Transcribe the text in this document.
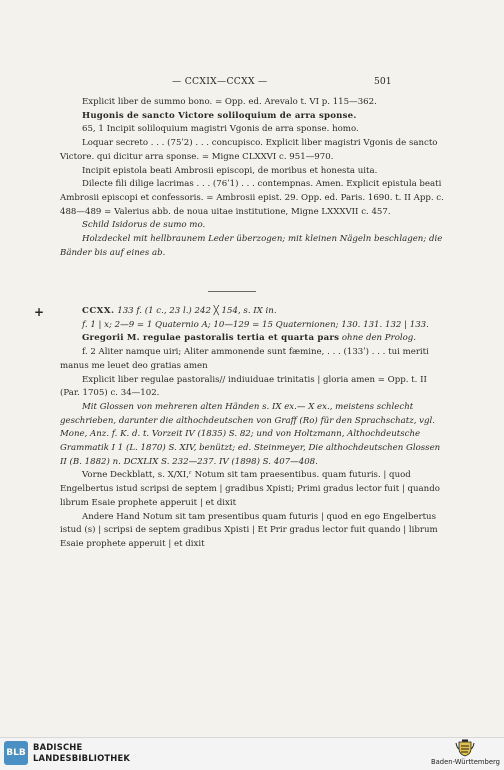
— CCXIX—CCXX —	501

Explicit liber de summo bono. = Opp. ed. Arevalo t. VI p. 115—362.

Hugonis de sancto Victore soliloquium de arra sponse.

65, 1 Incipit soliloquium magistri Vgonis de arra sponse. homo.

Loquar secreto . . . (75ʹ2) . . . concupisco. Explicit liber magistri Vgonis de sancto Victore. qui dicitur arra sponse. = Migne CLXXVI c. 951—970.

Incipit epistola beati Ambrosii episcopi, de moribus et honesta uita.

Dilecte fili dilige lacrimas . . . (76ʹ1) . . . contempnas. Amen. Explicit epistula beati Ambrosii episcopi et confessoris. = Ambrosii epist. 29. Opp. ed. Paris. 1690. t. II App. c. 488—489 = Valerius abb. de noua uitae institutione, Migne LXXXVII c. 457.

Schild Isidorus de sumo mo.

Holzdeckel mit hellbraunem Leder überzogen; mit kleinen Nägeln beschlagen; die Bänder bis auf eines ab.

+	CCXX. 133 f. (1 c., 23 l.) 242 ╳ 154, s. IX in.

f. 1 | x; 2—9 = 1 Quaternio A; 10—129 = 15 Quaternionen; 130. 131. 132 | 133.

Gregorii M. regulae pastoralis tertia et quarta pars ohne den Prolog.

f. 2 Aliter namque uiri; Aliter ammonende sunt fæmine, . . . (133ʹ) . . . tui meriti manus me leuet deo gratias amen

Explicit liber regulae pastoralis// indiuiduae trinitatis | gloria amen = Opp. t. II (Par. 1705) c. 34—102.

Mit Glossen von mehreren alten Händen s. IX ex.— X ex., meistens schlecht geschrieben, darunter die althochdeutschen von Graff (Ro) für den Sprachschatz, vgl. Mone, Anz. f. K. d. t. Vorzeit IV (1835) S. 82; und von Holtzmann, Althochdeutsche Grammatik I 1 (L. 1870) S. XIV, benützt; ed. Steinmeyer, Die althochdeutschen Glossen II (B. 1882) n. DCXLIX S. 232—237. IV (1898) S. 407—408.

Vorne Deckblatt, s. X/XI,ʳ Notum sit tam praesentibus. quam futuris. | quod Engelbertus istud scripsi de septem | gradibus Xpisti; Primi gradus lector fuit | quando librum Esaie prophete apperuit | et dixit

Andere Hand Notum sit tam presentibus quam futuris | quod en ego Engelbertus istud (s) | scripsi de septem gradibus Xpisti | Et Prir gradus lector fuit quando | librum Esaie prophete apperuit | et dixit

BLB
BADISCHE
LANDESBIBLIOTHEK	Baden-Württemberg
